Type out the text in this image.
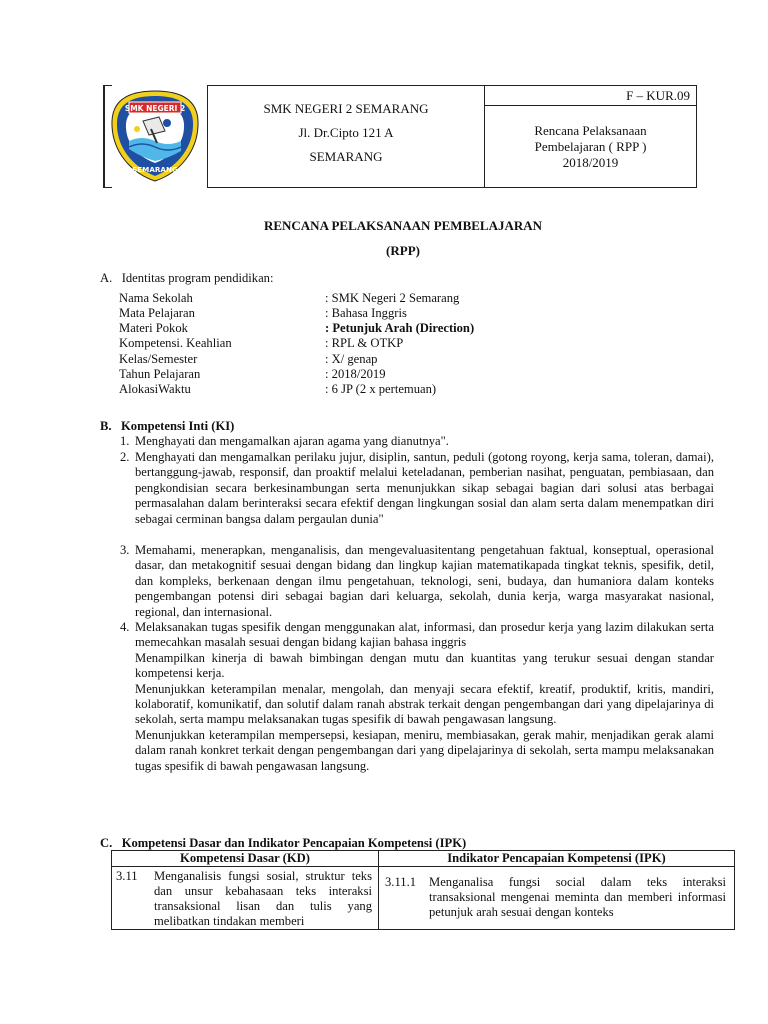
SMK NEGERI 2
SEMARANG
SMK NEGERI 2 SEMARANG
Jl. Dr.Cipto 121 A
SEMARANG
F – KUR.09
Rencana Pelaksanaan
Pembelajaran ( RPP )
2018/2019
RENCANA PELAKSANAAN PEMBELAJARAN
(RPP)
A.   Identitas program pendidikan:
Nama Sekolah	: SMK Negeri 2 Semarang
Mata Pelajaran	: Bahasa Inggris
Materi Pokok	: Petunjuk Arah (Direction)
Kompetensi. Keahlian	: RPL & OTKP
Kelas/Semester	: X/ genap
Tahun Pelajaran	: 2018/2019
AlokasiWaktu	: 6 JP (2 x pertemuan)
B.   Kompetensi Inti (KI)
1. Menghayati dan mengamalkan ajaran agama yang dianutnya".

2. Menghayati dan mengamalkan perilaku jujur, disiplin, santun, peduli (gotong royong, kerja sama, toleran, damai), bertanggung-jawab, responsif, dan proaktif melalui keteladanan, pemberian nasihat, penguatan, pembiasaan, dan pengkondisian secara berkesinambungan serta menunjukkan sikap sebagai bagian dari solusi atas berbagai permasalahan dalam berinteraksi secara efektif dengan lingkungan sosial dan alam serta dalam menempatkan diri sebagai cerminan bangsa dalam pergaulan dunia"

3. Memahami, menerapkan, menganalisis, dan mengevaluasitentang pengetahuan faktual, konseptual, operasional dasar, dan metakognitif sesuai dengan bidang dan lingkup kajian matematikapada tingkat teknis, spesifik, detil, dan kompleks, berkenaan dengan ilmu pengetahuan, teknologi, seni, budaya, dan humaniora dalam konteks pengembangan potensi diri sebagai bagian dari keluarga, sekolah, dunia kerja, warga masyarakat nasional, regional, dan internasional.

4. Melaksanakan tugas spesifik dengan menggunakan alat, informasi, dan prosedur kerja yang lazim dilakukan serta memecahkan masalah sesuai dengan bidang kajian bahasa inggris

Menampilkan kinerja di bawah bimbingan dengan mutu dan kuantitas yang terukur sesuai dengan standar kompetensi kerja.

Menunjukkan keterampilan menalar, mengolah, dan menyaji secara efektif, kreatif, produktif, kritis, mandiri, kolaboratif, komunikatif, dan solutif dalam ranah abstrak terkait dengan pengembangan dari yang dipelajarinya di sekolah, serta mampu melaksanakan tugas spesifik di bawah pengawasan langsung.

Menunjukkan keterampilan mempersepsi, kesiapan, meniru, membiasakan, gerak mahir, menjadikan gerak alami dalam ranah konkret terkait dengan pengembangan dari yang dipelajarinya di sekolah, serta mampu melaksanakan tugas spesifik di bawah pengawasan langsung.

C.   Kompetensi Dasar dan Indikator Pencapaian Kompetensi (IPK)
Kompetensi Dasar (KD)	Indikator Pencapaian Kompetensi (IPK)

3.11 Menganalisis fungsi sosial, struktur teks dan unsur kebahasaan teks interaksi transaksional lisan dan tulis yang melibatkan tindakan memberi	3.11.1 Menganalisa fungsi social dalam teks interaksi transaksional mengenai meminta dan memberi informasi petunjuk arah sesuai dengan konteks
